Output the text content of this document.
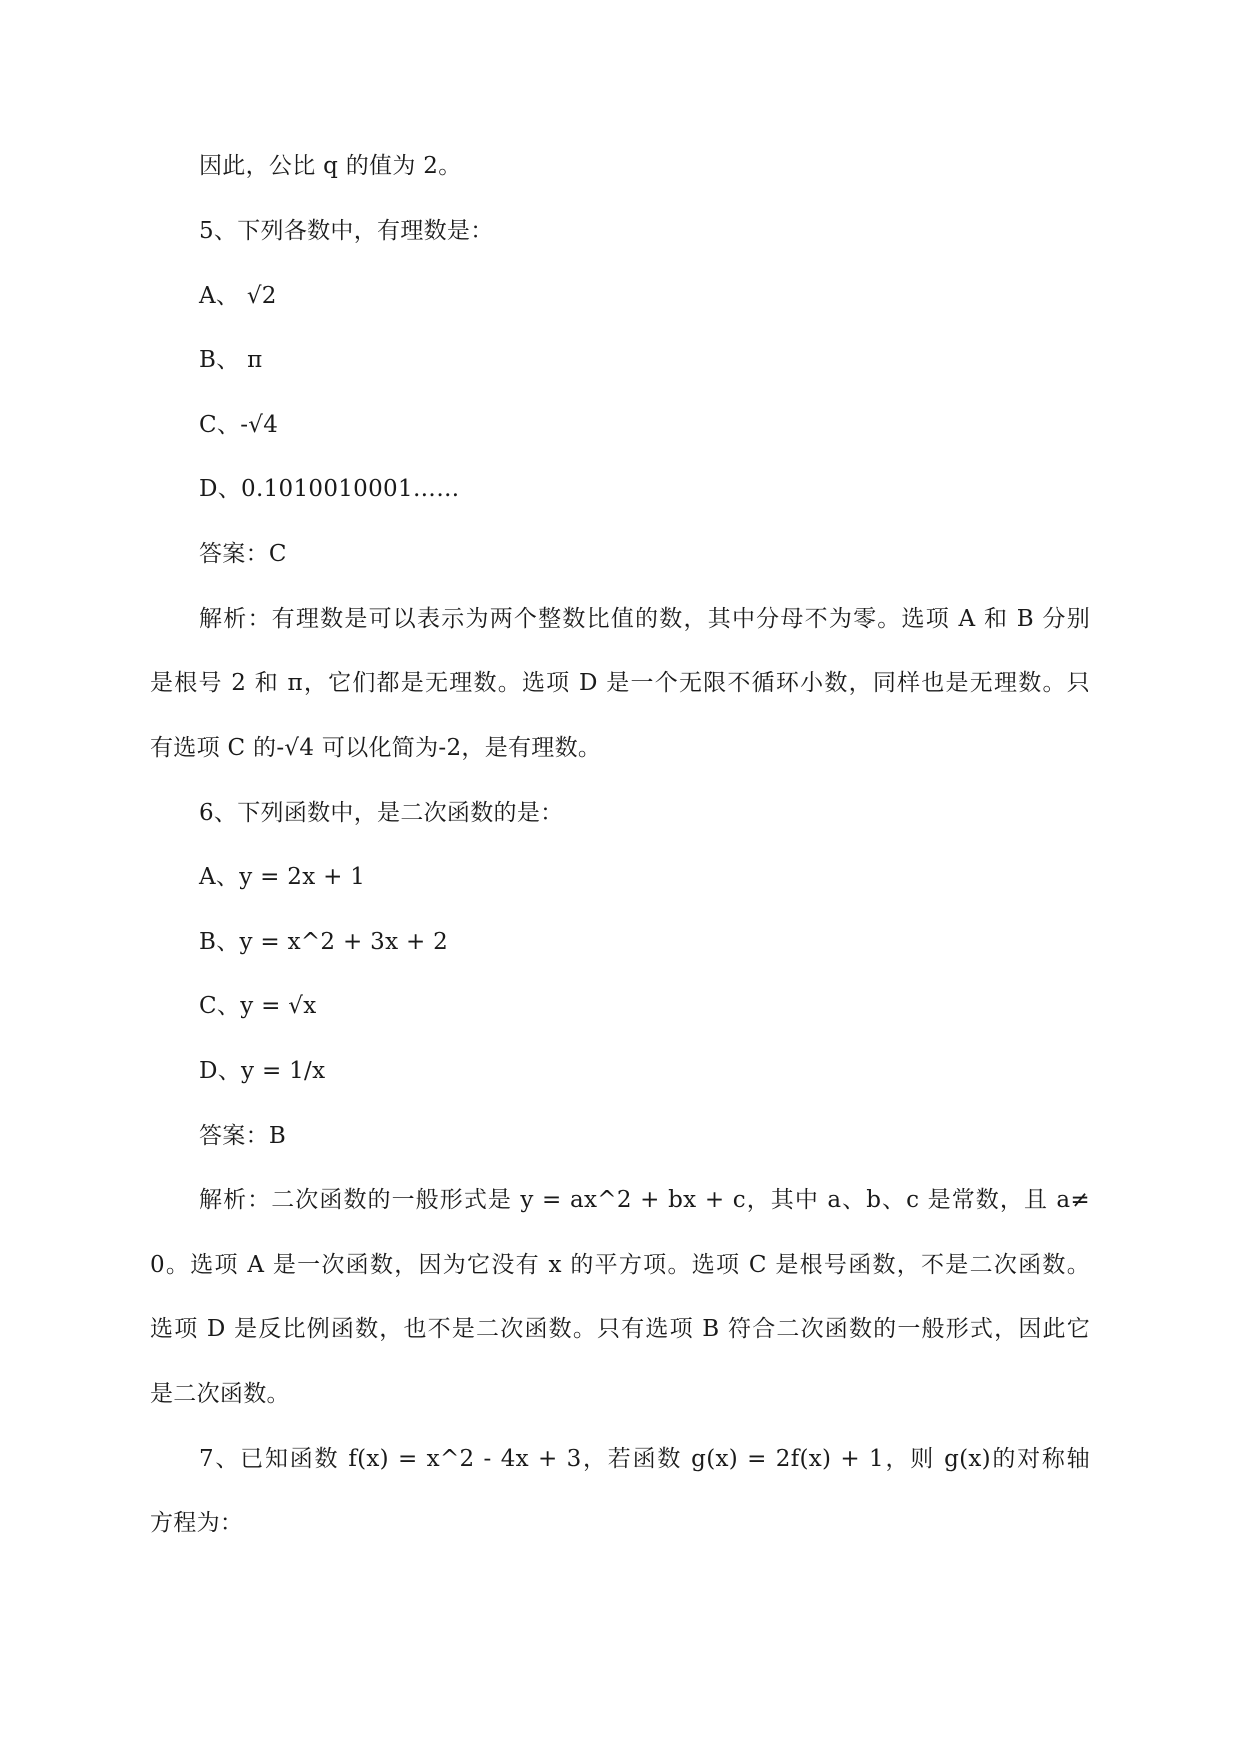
因此，公比 q 的值为 2。
5、下列各数中，有理数是：
A、 √2
B、 π
C、-√4
D、0.1010010001……
答案：C
解析：有理数是可以表示为两个整数比值的数，其中分母不为零。选项 A 和 B 分别
是根号 2 和 π，它们都是无理数。选项 D 是一个无限不循环小数，同样也是无理数。只
有选项 C 的-√4 可以化简为-2，是有理数。
6、下列函数中，是二次函数的是：
A、y = 2x + 1
B、y = x^2 + 3x + 2
C、y = √x
D、y = 1/x
答案：B
解析：二次函数的一般形式是 y = ax^2 + bx + c，其中 a、b、c 是常数，且 a≠
0。选项 A 是一次函数，因为它没有 x 的平方项。选项 C 是根号函数，不是二次函数。
选项 D 是反比例函数，也不是二次函数。只有选项 B 符合二次函数的一般形式，因此它
是二次函数。
7、已知函数 f(x) = x^2 - 4x + 3，若函数 g(x) = 2f(x) + 1，则 g(x)的对称轴
方程为：
